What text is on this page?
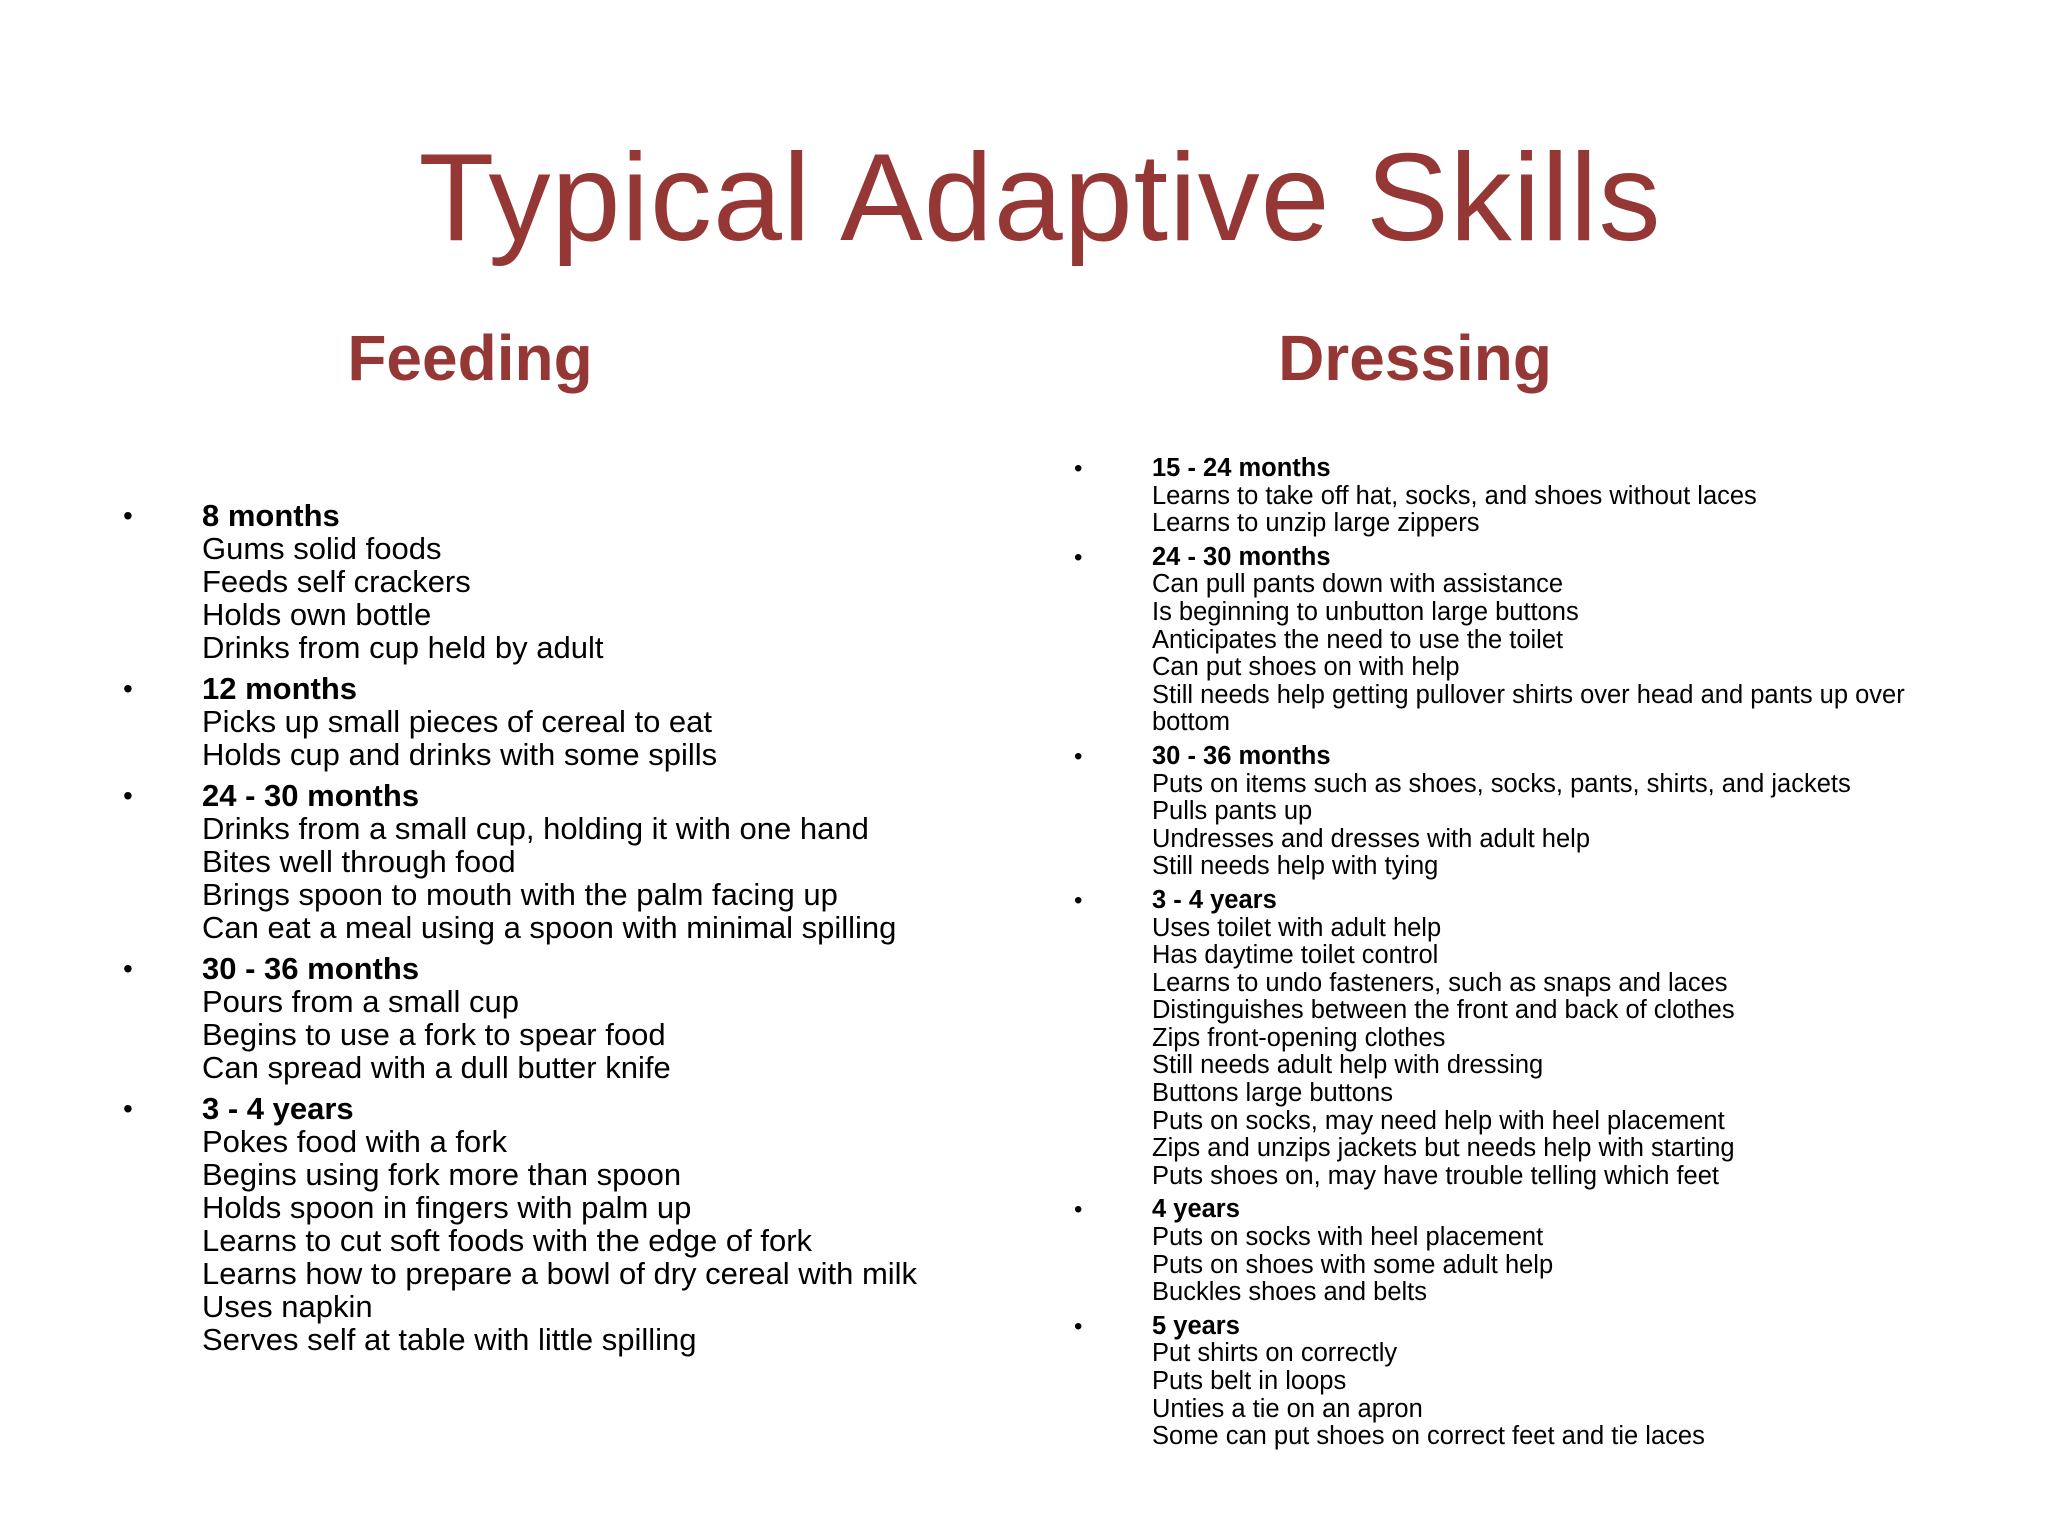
Typical Adaptive Skills
Feeding	Dressing
• 8 months
Gums solid foods
Feeds self crackers
Holds own bottle
Drinks from cup held by adult
• 12 months
Picks up small pieces of cereal to eat
Holds cup and drinks with some spills
• 24 - 30 months
Drinks from a small cup, holding it with one hand
Bites well through food
Brings spoon to mouth with the palm facing up
Can eat a meal using a spoon with minimal spilling
• 30 - 36 months
Pours from a small cup
Begins to use a fork to spear food
Can spread with a dull butter knife
• 3 - 4 years
Pokes food with a fork
Begins using fork more than spoon
Holds spoon in fingers with palm up
Learns to cut soft foods with the edge of fork
Learns how to prepare a bowl of dry cereal with milk
Uses napkin
Serves self at table with little spilling
•	15 - 24 months
Learns to take off hat, socks, and shoes without laces
Learns to unzip large zippers
•	24 - 30 months
Can pull pants down with assistance
Is beginning to unbutton large buttons
Anticipates the need to use the toilet
Can put shoes on with help
Still needs help getting pullover shirts over head and pants up over
bottom
•	30 - 36 months
Puts on items such as shoes, socks, pants, shirts, and jackets
Pulls pants up
Undresses and dresses with adult help
Still needs help with tying
•	3 - 4 years
Uses toilet with adult help
Has daytime toilet control
Learns to undo fasteners, such as snaps and laces
Distinguishes between the front and back of clothes
Zips front-opening clothes
Still needs adult help with dressing
Buttons large buttons
Puts on socks, may need help with heel placement
Zips and unzips jackets but needs help with starting
Puts shoes on, may have trouble telling which feet
•	4 years
Puts on socks with heel placement
Puts on shoes with some adult help
Buckles shoes and belts
•	5 years
Put shirts on correctly
Puts belt in loops
Unties a tie on an apron
Some can put shoes on correct feet and tie laces
